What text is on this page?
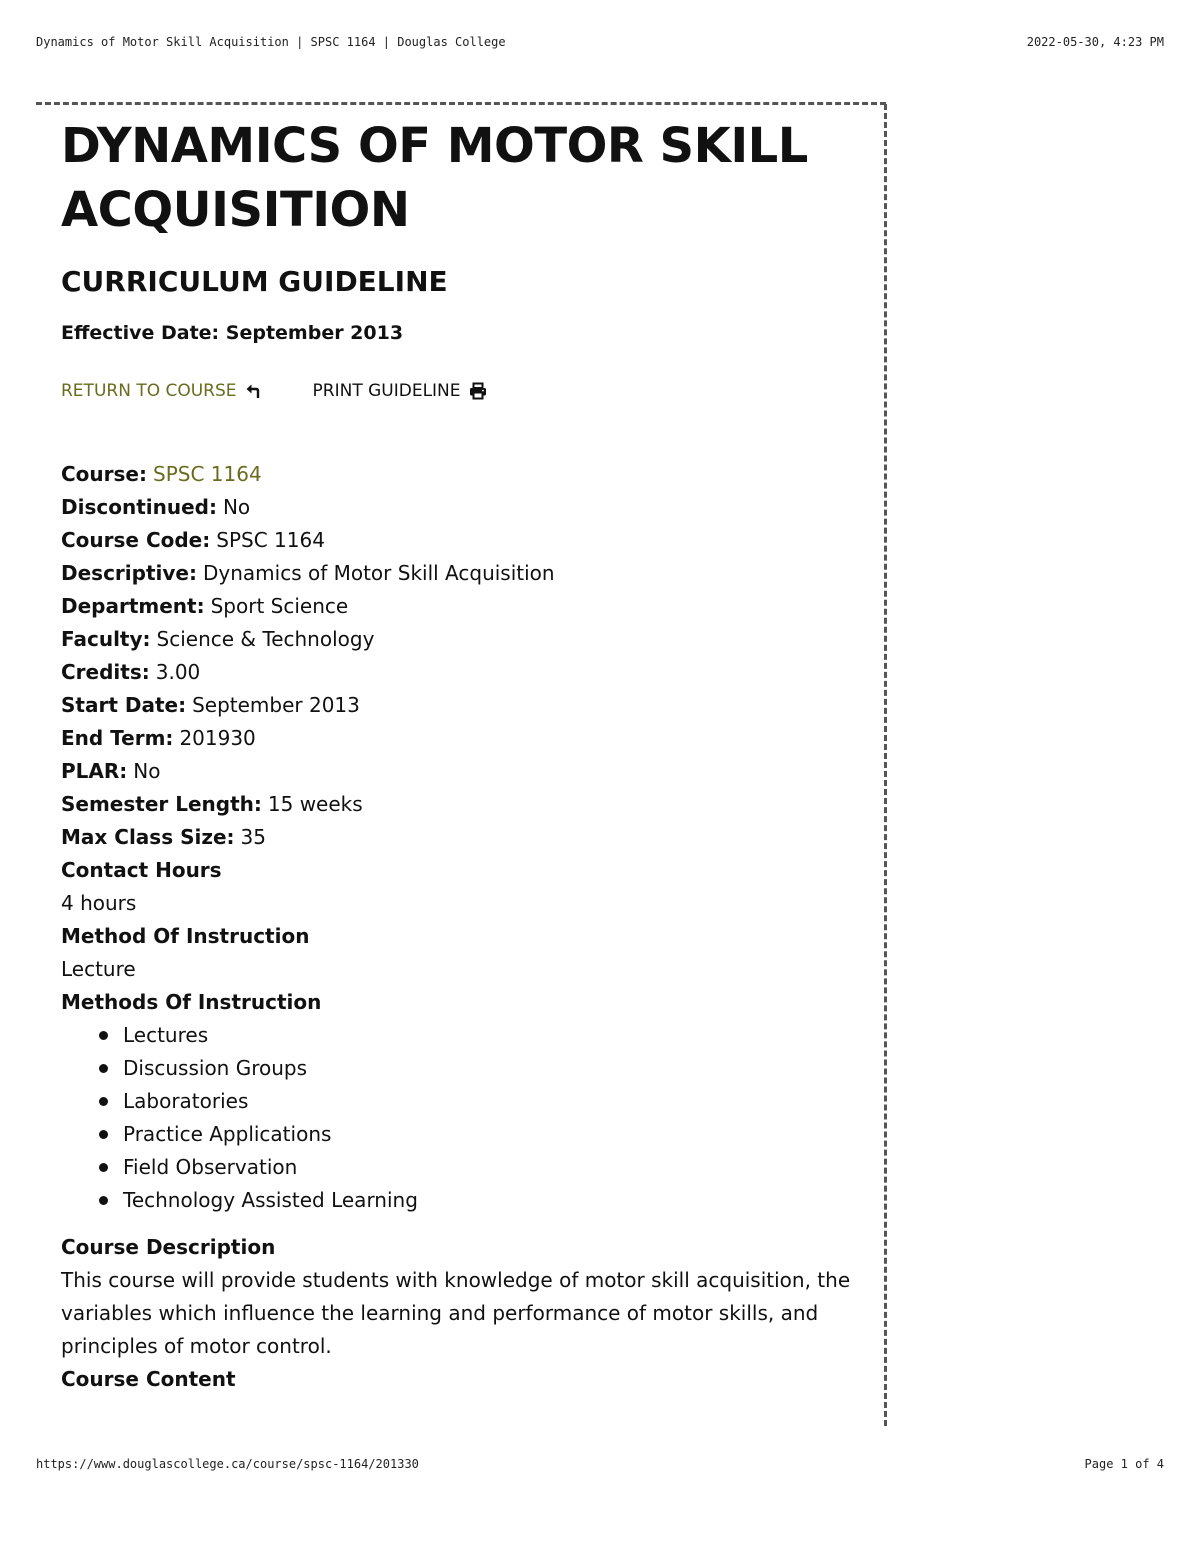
Dynamics of Motor Skill Acquisition | SPSC 1164 | Douglas College	2022-05-30, 4:23 PM
DYNAMICS OF MOTOR SKILL ACQUISITION
CURRICULUM GUIDELINE

Effective Date: September 2013

RETURN TO COURSE	PRINT GUIDELINE
Course: SPSC 1164
Discontinued: No
Course Code: SPSC 1164
Descriptive: Dynamics of Motor Skill Acquisition
Department: Sport Science
Faculty: Science & Technology
Credits: 3.00
Start Date: September 2013
End Term: 201930
PLAR: No
Semester Length: 15 weeks
Max Class Size: 35
Contact Hours
4 hours
Method Of Instruction
Lecture
Methods Of Instruction
Lectures
Discussion Groups
Laboratories
Practice Applications
Field Observation
Technology Assisted Learning
Course Description
This course will provide students with knowledge of motor skill acquisition, the variables which influence the learning and performance of motor skills, and principles of motor control.
Course Content
https://www.douglascollege.ca/course/spsc-1164/201330	Page 1 of 4
